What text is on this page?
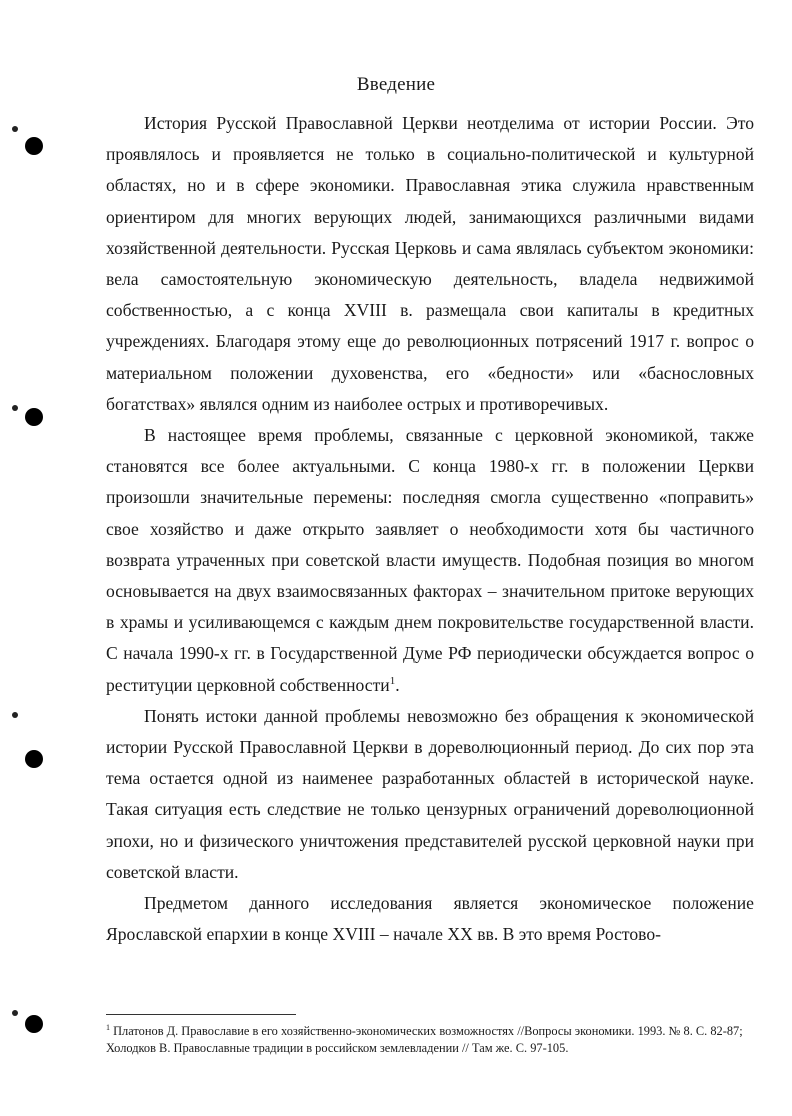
Введение

История Русской Православной Церкви неотделима от истории России. Это проявлялось и проявляется не только в социально-политической и культурной областях, но и в сфере экономики. Православная этика служила нравственным ориентиром для многих верующих людей, занимающихся различными видами хозяйственной деятельности. Русская Церковь и сама являлась субъектом экономики: вела самостоятельную экономическую деятельность, владела недвижимой собственностью, а с конца XVIII в. размещала свои капиталы в кредитных учреждениях. Благодаря этому еще до революционных потрясений 1917 г. вопрос о материальном положении духовенства, его «бедности» или «баснословных богатствах» являлся одним из наиболее острых и противоречивых.

В настоящее время проблемы, связанные с церковной экономикой, также становятся все более актуальными. С конца 1980-х гг. в положении Церкви произошли значительные перемены: последняя смогла существенно «поправить» свое хозяйство и даже открыто заявляет о необходимости хотя бы частичного возврата утраченных при советской власти имуществ. Подобная позиция во многом основывается на двух взаимосвязанных факторах – значительном притоке верующих в храмы и усиливающемся с каждым днем покровительстве государственной власти. С начала 1990-х гг. в Государственной Думе РФ периодически обсуждается вопрос о реституции церковной собственности$^1$.

Понять истоки данной проблемы невозможно без обращения к экономической истории Русской Православной Церкви в дореволюционный период. До сих пор эта тема остается одной из наименее разработанных областей в исторической науке. Такая ситуация есть следствие не только цензурных ограничений дореволюционной эпохи, но и физического уничтожения представителей русской церковной науки при советской власти.

Предметом данного исследования является экономическое положение Ярославской епархии в конце XVIII – начале XX вв. В это время Ростово-

$^1$ Платонов Д. Православие в его хозяйственно-экономических возможностях //Вопросы экономики. 1993. № 8. С. 82-87; Холодков В. Православные традиции в российском землевладении // Там же. С. 97-105.
